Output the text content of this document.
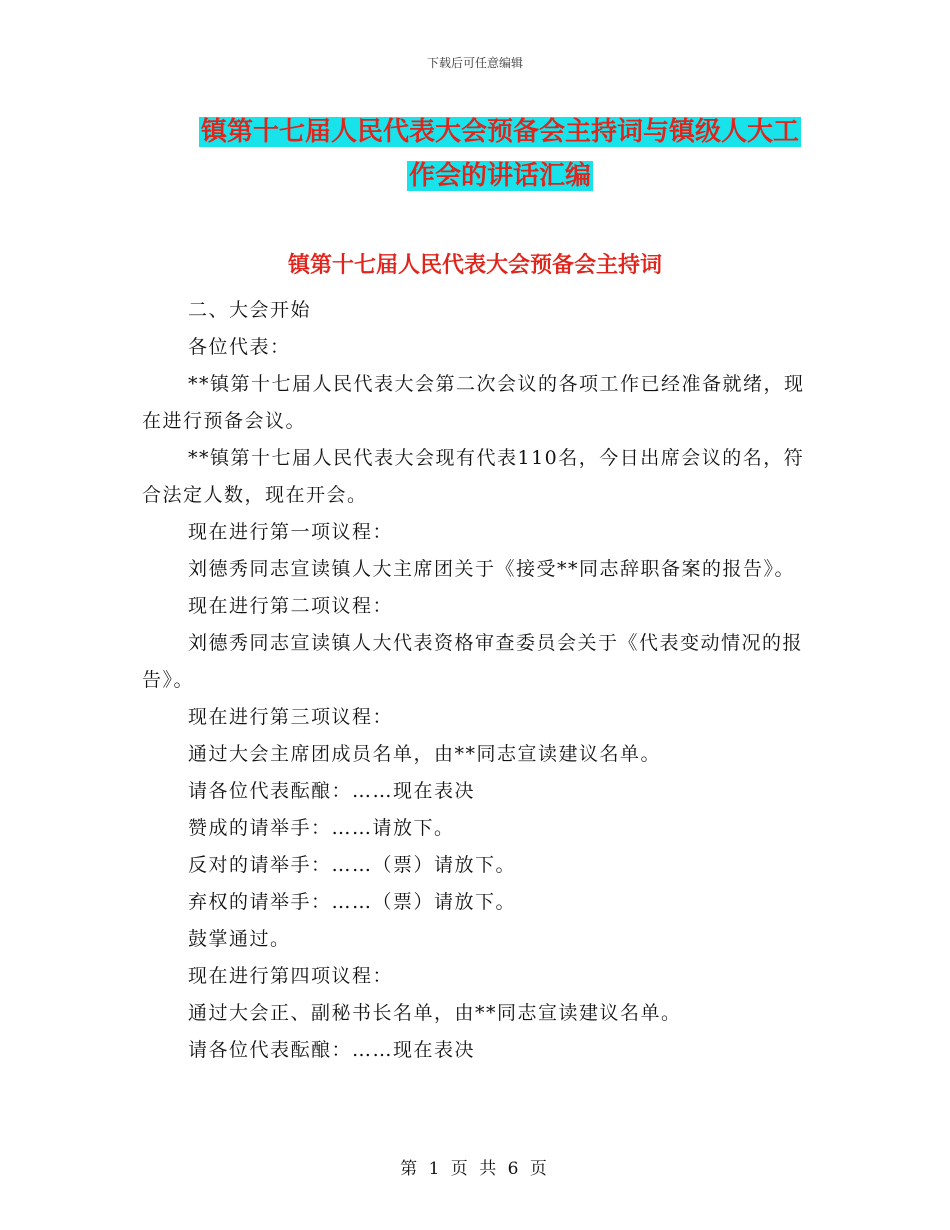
下载后可任意编辑
镇第十七届人民代表大会预备会主持词与镇级人大工
作会的讲话汇编
镇第十七届人民代表大会预备会主持词

二、大会开始

各位代表：

**镇第十七届人民代表大会第二次会议的各项工作已经准备就绪，现在进行预备会议。

**镇第十七届人民代表大会现有代表110名，今日出席会议的名，符合法定人数，现在开会。

现在进行第一项议程：

刘德秀同志宣读镇人大主席团关于《接受**同志辞职备案的报告》。

现在进行第二项议程：

刘德秀同志宣读镇人大代表资格审查委员会关于《代表变动情况的报告》。

现在进行第三项议程：

通过大会主席团成员名单，由**同志宣读建议名单。

请各位代表酝酿：……现在表决

赞成的请举手：……请放下。

反对的请举手：……（票）请放下。

弃权的请举手：……（票）请放下。

鼓掌通过。

现在进行第四项议程：

通过大会正、副秘书长名单，由**同志宣读建议名单。

请各位代表酝酿：……现在表决

第 1 页 共 6 页
